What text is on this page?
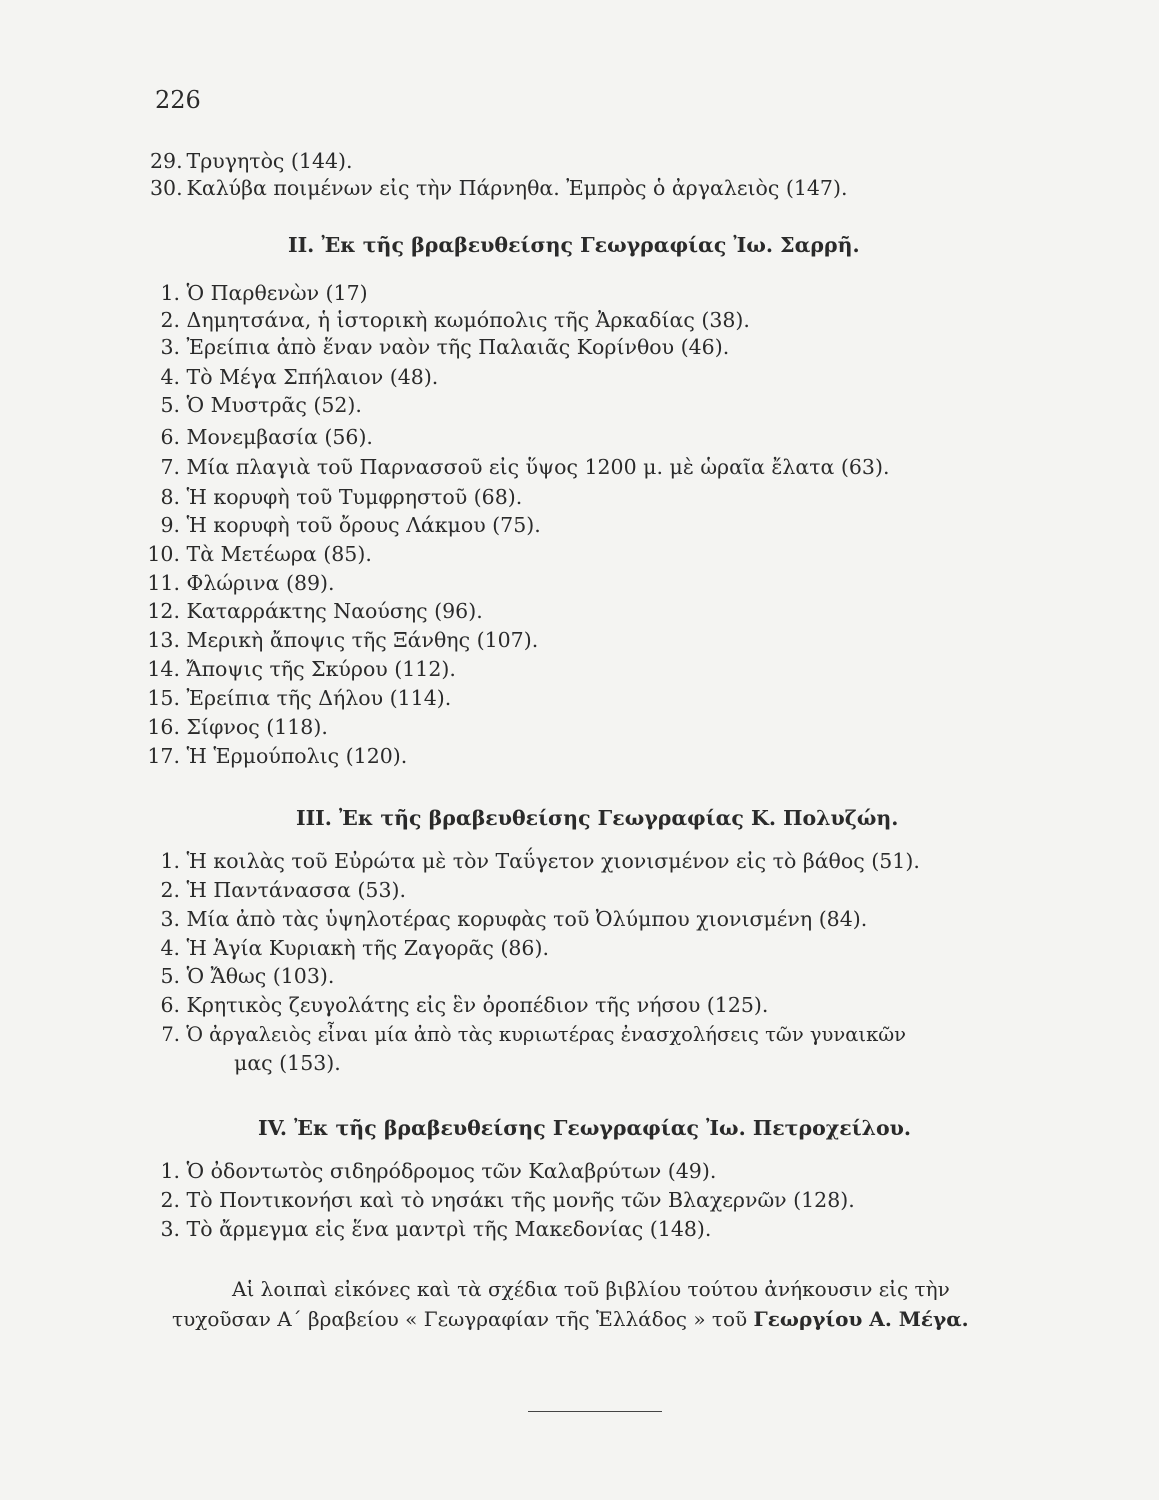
226
29. Τρυγητὸς (144).
30. Καλύβα ποιμένων εἰς τὴν Πάρνηθα. Ἐμπρὸς ὁ ἀργαλειὸς (147).
II. Ἐκ τῆς βραβευθείσης Γεωγραφίας Ἰω. Σαρρῆ.
1. Ὁ Παρθενὼν (17)
2. Δημητσάνα, ἡ ἱστορικὴ κωμόπολις τῆς Ἀρκαδίας (38).
3. Ἐρείπια ἀπὸ ἕναν ναὸν τῆς Παλαιᾶς Κορίνθου (46).
4. Τὸ Μέγα Σπήλαιον (48).
5. Ὁ Μυστρᾶς (52).
6. Μονεμβασία (56).
7. Μία πλαγιὰ τοῦ Παρνασσοῦ εἰς ὕψος 1200 μ. μὲ ὡραῖα ἔλατα (63).
8. Ἡ κορυφὴ τοῦ Τυμφρηστοῦ (68).
9. Ἡ κορυφὴ τοῦ ὄρους Λάκμου (75).
10. Τὰ Μετέωρα (85).
11. Φλώρινα (89).
12. Καταρράκτης Ναούσης (96).
13. Μερικὴ ἄποψις τῆς Ξάνθης (107).
14. Ἄποψις τῆς Σκύρου (112).
15. Ἐρείπια τῆς Δήλου (114).
16. Σίφνος (118).
17. Ἡ Ἑρμούπολις (120).
III. Ἐκ τῆς βραβευθείσης Γεωγραφίας Κ. Πολυζώη.
1. Ἡ κοιλὰς τοῦ Εὐρώτα μὲ τὸν Ταΰγετον χιονισμένον εἰς τὸ βάθος (51).
2. Ἡ Παντάνασσα (53).
3. Μία ἀπὸ τὰς ὑψηλοτέρας κορυφὰς τοῦ Ὀλύμπου χιονισμένη (84).
4. Ἡ Ἁγία Κυριακὴ τῆς Ζαγορᾶς (86).
5. Ὁ Ἄθως (103).
6. Κρητικὸς ζευγολάτης εἰς ἓν ὀροπέδιον τῆς νήσου (125).
7. Ὁ ἀργαλειὸς εἶναι μία ἀπὸ τὰς κυριωτέρας ἐνασχολήσεις τῶν γυναικῶν
μας (153).
IV. Ἐκ τῆς βραβευθείσης Γεωγραφίας Ἰω. Πετροχείλου.
1. Ὁ ὀδοντωτὸς σιδηρόδρομος τῶν Καλαβρύτων (49).
2. Τὸ Ποντικονήσι καὶ τὸ νησάκι τῆς μονῆς τῶν Βλαχερνῶν (128).
3. Τὸ ἄρμεγμα εἰς ἕνα μαντρὶ τῆς Μακεδονίας (148).
Αἱ λοιπαὶ εἰκόνες καὶ τὰ σχέδια τοῦ βιβλίου τούτου ἀνήκουσιν εἰς τὴν
τυχοῦσαν Α΄ βραβείου « Γεωγραφίαν τῆς Ἑλλάδος » τοῦ Γεωργίου Α. Μέγα.
